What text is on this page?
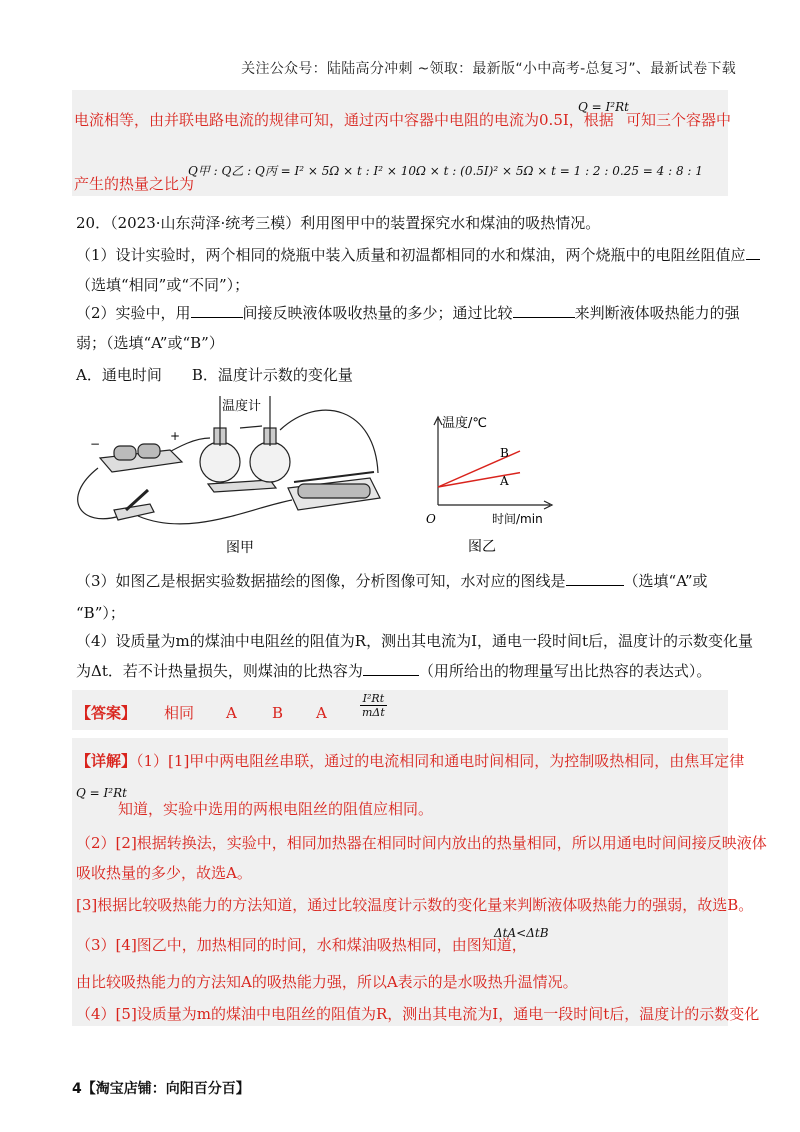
关注公众号：陆陆高分冲刺 ~领取：最新版“小中高考-总复习”、最新试卷下载
电流相等，由并联电路电流的规律可知，通过丙中容器中电阻的电流为0.5I，根据
Q = I²Rt
可知三个容器中
产生的热量之比为
Q甲 : Q乙 : Q丙 = I² × 5Ω × t : I² × 10Ω × t : (0.5I)² × 5Ω × t = 1 : 2 : 0.25 = 4 : 8 : 1
20．（2023·山东菏泽·统考三模）利用图甲中的装置探究水和煤油的吸热情况。
（1）设计实验时，两个相同的烧瓶中装入质量和初温都相同的水和煤油，两个烧瓶中的电阻丝阻值应
（选填“相同”或“不同”）；
（2）实验中，用	间接反映液体吸收热量的多少；通过比较	来判断液体吸热能力的强
弱；（选填“A”或“B”）
A．通电时间　　B．温度计示数的变化量
−
+
温度计
图甲
温度/℃
时间/min
O
B
A
图乙
（3）如图乙是根据实验数据描绘的图像，分析图像可知，水对应的图线是	（选填“A”或
“B”）；
（4）设质量为m的煤油中电阻丝的阻值为R，测出其电流为I，通电一段时间t后，温度计的示数变化量
为Δt．若不计热量损失，则煤油的比热容为	（用所给出的物理量写出比热容的表达式）。
【答案】 相同 A B A
I²Rt
mΔt
【详解】（1）[1]甲中两电阻丝串联，通过的电流相同和通电时间相同，为控制吸热相同，由焦耳定律
Q = I²Rt
知道，实验中选用的两根电阻丝的阻值应相同。
（2）[2]根据转换法，实验中，相同加热器在相同时间内放出的热量相同，所以用通电时间间接反映液体
吸收热量的多少，故选A。
[3]根据比较吸热能力的方法知道，通过比较温度计示数的变化量来判断液体吸热能力的强弱，故选B。
（3）[4]图乙中，加热相同的时间，水和煤油吸热相同，由图知道，
ΔtA<ΔtB
由比较吸热能力的方法知A的吸热能力强，所以A表示的是水吸热升温情况。
（4）[5]设质量为m的煤油中电阻丝的阻值为R，测出其电流为I，通电一段时间t后，温度计的示数变化
4【淘宝店铺：向阳百分百】
